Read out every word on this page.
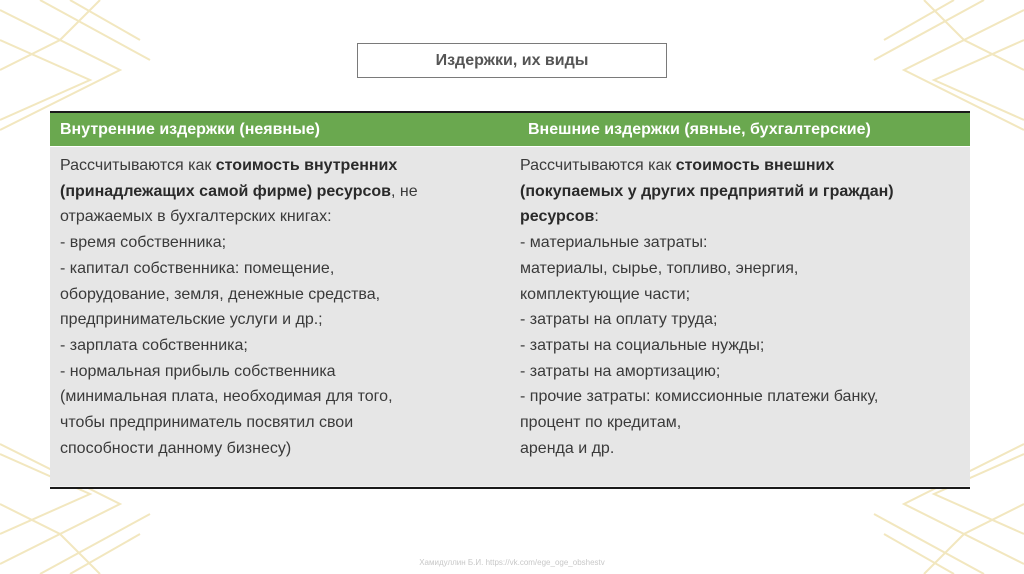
Издержки, их виды
Внутренние издержки (неявные)	Внешние издержки (явные, бухгалтерские)
Рассчитываются как стоимость внутренних
(принадлежащих самой фирме) ресурсов, не
отражаемых в бухгалтерских книгах:
- время собственника;
- капитал собственника: помещение,
оборудование, земля, денежные средства,
предпринимательские услуги и др.;
- зарплата собственника;
- нормальная прибыль собственника
(минимальная плата, необходимая для того,
чтобы предприниматель посвятил свои
способности данному бизнесу)
Рассчитываются как стоимость внешних
(покупаемых у других предприятий и граждан)
ресурсов:
- материальные затраты:
материалы, сырье, топливо, энергия,
комплектующие части;
- затраты на оплату труда;
- затраты на социальные нужды;
- затраты на амортизацию;
- прочие затраты: комиссионные платежи банку,
процент по кредитам,
аренда и др.
Хамидуллин Б.И. https://vk.com/ege_oge_obshestv
